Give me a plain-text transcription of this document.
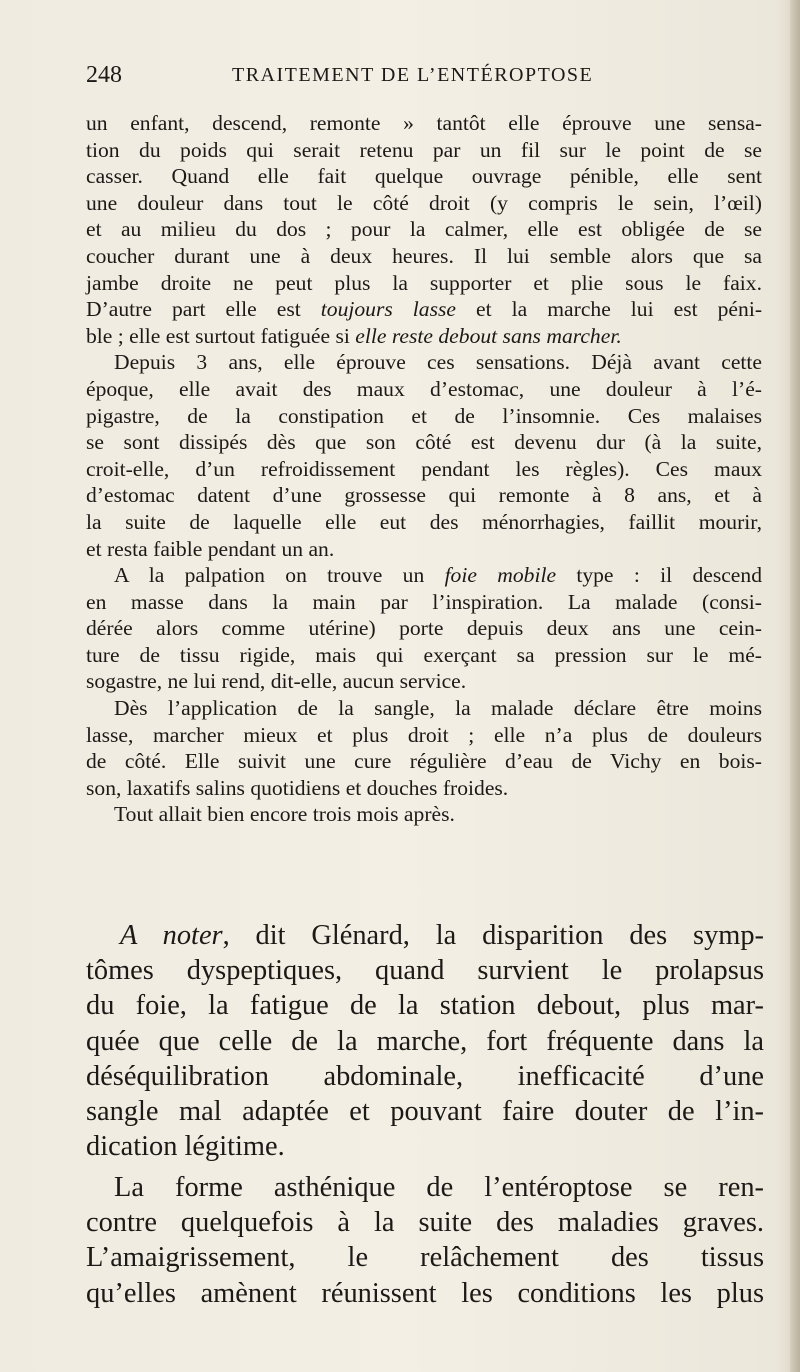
248	TRAITEMENT DE L’ENTÉROPTOSE
un enfant, descend, remonte » tantôt elle éprouve une sensa-
tion du poids qui serait retenu par un fil sur le point de se
casser. Quand elle fait quelque ouvrage pénible, elle sent
une douleur dans tout le côté droit (y compris le sein, l’œil)
et au milieu du dos ; pour la calmer, elle est obligée de se
coucher durant une à deux heures. Il lui semble alors que sa
jambe droite ne peut plus la supporter et plie sous le faix.
D’autre part elle est toujours lasse et la marche lui est péni-
ble ; elle est surtout fatiguée si elle reste debout sans marcher.
Depuis 3 ans, elle éprouve ces sensations. Déjà avant cette
époque, elle avait des maux d’estomac, une douleur à l’é-
pigastre, de la constipation et de l’insomnie. Ces malaises
se sont dissipés dès que son côté est devenu dur (à la suite,
croit-elle, d’un refroidissement pendant les règles). Ces maux
d’estomac datent d’une grossesse qui remonte à 8 ans, et à
la suite de laquelle elle eut des ménorrhagies, faillit mourir,
et resta faible pendant un an.
A la palpation on trouve un foie mobile type : il descend
en masse dans la main par l’inspiration. La malade (consi-
dérée alors comme utérine) porte depuis deux ans une cein-
ture de tissu rigide, mais qui exerçant sa pression sur le mé-
sogastre, ne lui rend, dit-elle, aucun service.
Dès l’application de la sangle, la malade déclare être moins
lasse, marcher mieux et plus droit ; elle n’a plus de douleurs
de côté. Elle suivit une cure régulière d’eau de Vichy en bois-
son, laxatifs salins quotidiens et douches froides.
Tout allait bien encore trois mois après.
A noter, dit Glénard, la disparition des symp-
tômes dyspeptiques, quand survient le prolapsus
du foie, la fatigue de la station debout, plus mar-
quée que celle de la marche, fort fréquente dans la
déséquilibration abdominale, inefficacité d’une
sangle mal adaptée et pouvant faire douter de l’in-
dication légitime.
La forme asthénique de l’entéroptose se ren-
contre quelquefois à la suite des maladies graves.
L’amaigrissement, le relâchement des tissus
qu’elles amènent réunissent les conditions les plus
